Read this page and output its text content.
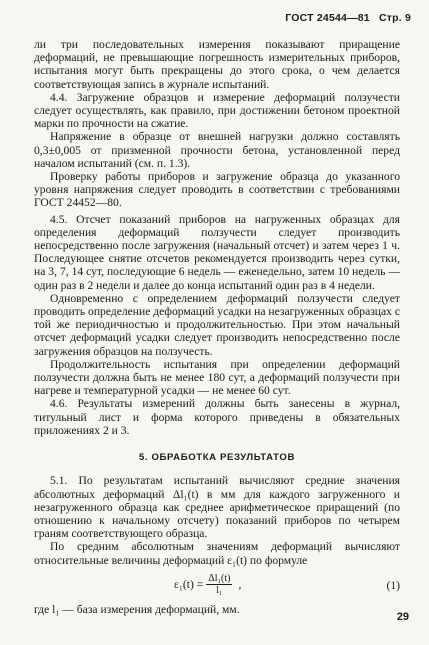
ГОСТ 24544—81 Стр. 9

ли три последовательных измерения показывают приращение деформаций, не превышающие погрешность измерительных приборов, испытания могут быть прекращены до этого срока, о чем делается соответствующая запись в журнале испытаний.

4.4. Загружение образцов и измерение деформаций ползучести следует осуществлять, как правило, при достижении бетоном проектной марки по прочности на сжатие.

Напряжение в образце от внешней нагрузки должно составлять 0,3±0,005 от призменной прочности бетона, установленной перед началом испытаний (см. п. 1.3).

Проверку работы приборов и загружение образца до указанного уровня напряжения следует проводить в соответствии с требованиями ГОСТ 24452—80.

4.5. Отсчет показаний приборов на нагруженных образцах для определения деформаций ползучести следует производить непосредственно после загружения (начальный отсчет) и затем через 1 ч. Последующее снятие отсчетов рекомендуется производить через сутки, на 3, 7, 14 сут, последующие 6 недель — еженедельно, затем 10 недель — один раз в 2 недели и далее до конца испытаний один раз в 4 недели.

Одновременно с определением деформаций ползучести следует проводить определение деформаций усадки на незагруженных образцах с той же периодичностью и продолжительностью. При этом начальный отсчет деформаций усадки следует производить непосредственно после загружения образцов на ползучесть.

Продолжительность испытания при определении деформаций ползучести должна быть не менее 180 сут, а деформаций ползучести при нагреве и температурной усадки — не менее 60 сут.

4.6. Результаты измерений должны быть занесены в журнал, титульный лист и форма которого приведены в обязательных приложениях 2 и 3.

5. ОБРАБОТКА РЕЗУЛЬТАТОВ

5.1. По результатам испытаний вычисляют средние значения абсолютных деформаций Δl₁(t) в мм для каждого загруженного и незагруженного образца как среднее арифметическое приращений (по отношению к начальному отсчету) показаний приборов по четырем граням соответствующего образца.

По средним абсолютным значениям деформаций вычисляют относительные величины деформаций ε₁(t) по формуле

$\varepsilon_1(t) = \frac{\text{Δl₁(t)}}{\text{l₁}}$ ,	(1)

где l₁ — база измерения деформаций, мм.

29
